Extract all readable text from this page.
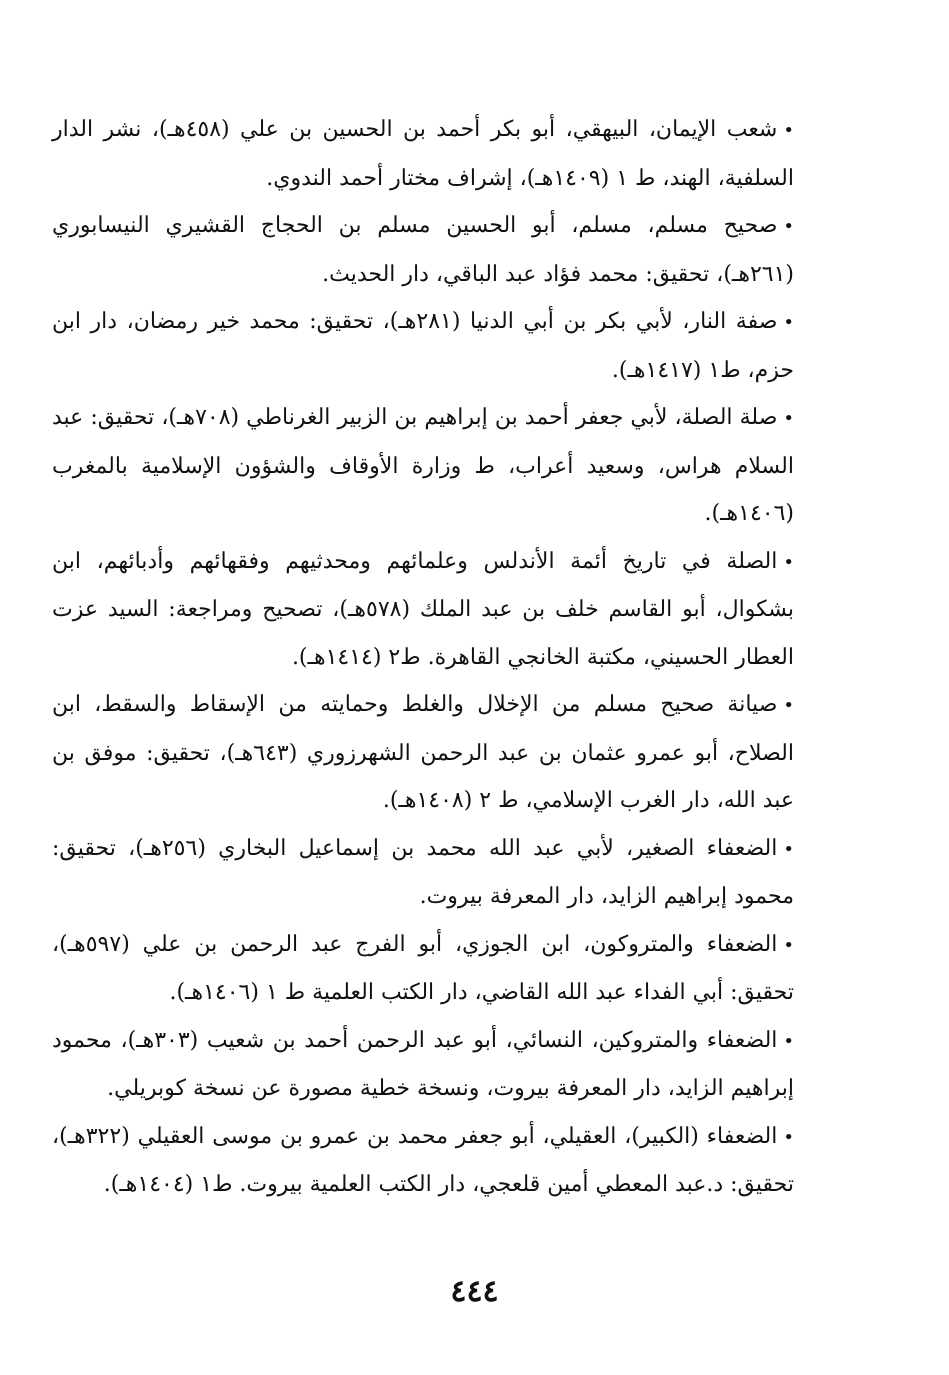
•شعب الإيمان، البيهقي، أبو بكر أحمد بن الحسين بن علي (٤٥٨هـ)، نشر الدار السلفية، الهند، ط ١ (١٤٠٩هـ)، إشراف مختار أحمد الندوي.

•صحيح مسلم، مسلم، أبو الحسين مسلم بن الحجاج القشيري النيسابوري (٢٦١هـ)، تحقيق: محمد فؤاد عبد الباقي، دار الحديث.

•صفة النار، لأبي بكر بن أبي الدنيا (٢٨١هـ)، تحقيق: محمد خير رمضان، دار ابن حزم، ط١ (١٤١٧هـ).

•صلة الصلة، لأبي جعفر أحمد بن إبراهيم بن الزبير الغرناطي (٧٠٨هـ)، تحقيق: عبد السلام هراس، وسعيد أعراب، ط وزارة الأوقاف والشؤون الإسلامية بالمغرب (١٤٠٦هـ).

•الصلة في تاريخ أئمة الأندلس وعلمائهم ومحدثيهم وفقهائهم وأدبائهم، ابن بشكوال، أبو القاسم خلف بن عبد الملك (٥٧٨هـ)، تصحيح ومراجعة: السيد عزت العطار الحسيني، مكتبة الخانجي القاهرة. ط٢ (١٤١٤هـ).

•صيانة صحيح مسلم من الإخلال والغلط وحمايته من الإسقاط والسقط، ابن الصلاح، أبو عمرو عثمان بن عبد الرحمن الشهرزوري (٦٤٣هـ)، تحقيق: موفق بن عبد الله، دار الغرب الإسلامي، ط ٢ (١٤٠٨هـ).

•الضعفاء الصغير، لأبي عبد الله محمد بن إسماعيل البخاري (٢٥٦هـ)، تحقيق: محمود إبراهيم الزايد، دار المعرفة بيروت.

•الضعفاء والمتروكون، ابن الجوزي، أبو الفرج عبد الرحمن بن علي (٥٩٧هـ)، تحقيق: أبي الفداء عبد الله القاضي، دار الكتب العلمية ط ١ (١٤٠٦هـ).

•الضعفاء والمتروكين، النسائي، أبو عبد الرحمن أحمد بن شعيب (٣٠٣هـ)، محمود إبراهيم الزايد، دار المعرفة بيروت، ونسخة خطية مصورة عن نسخة كوبريلي.

•الضعفاء (الكبير)، العقيلي، أبو جعفر محمد بن عمرو بن موسى العقيلي (٣٢٢هـ)، تحقيق: د.عبد المعطي أمين قلعجي، دار الكتب العلمية بيروت. ط١ (١٤٠٤هـ).

٤٤٤
